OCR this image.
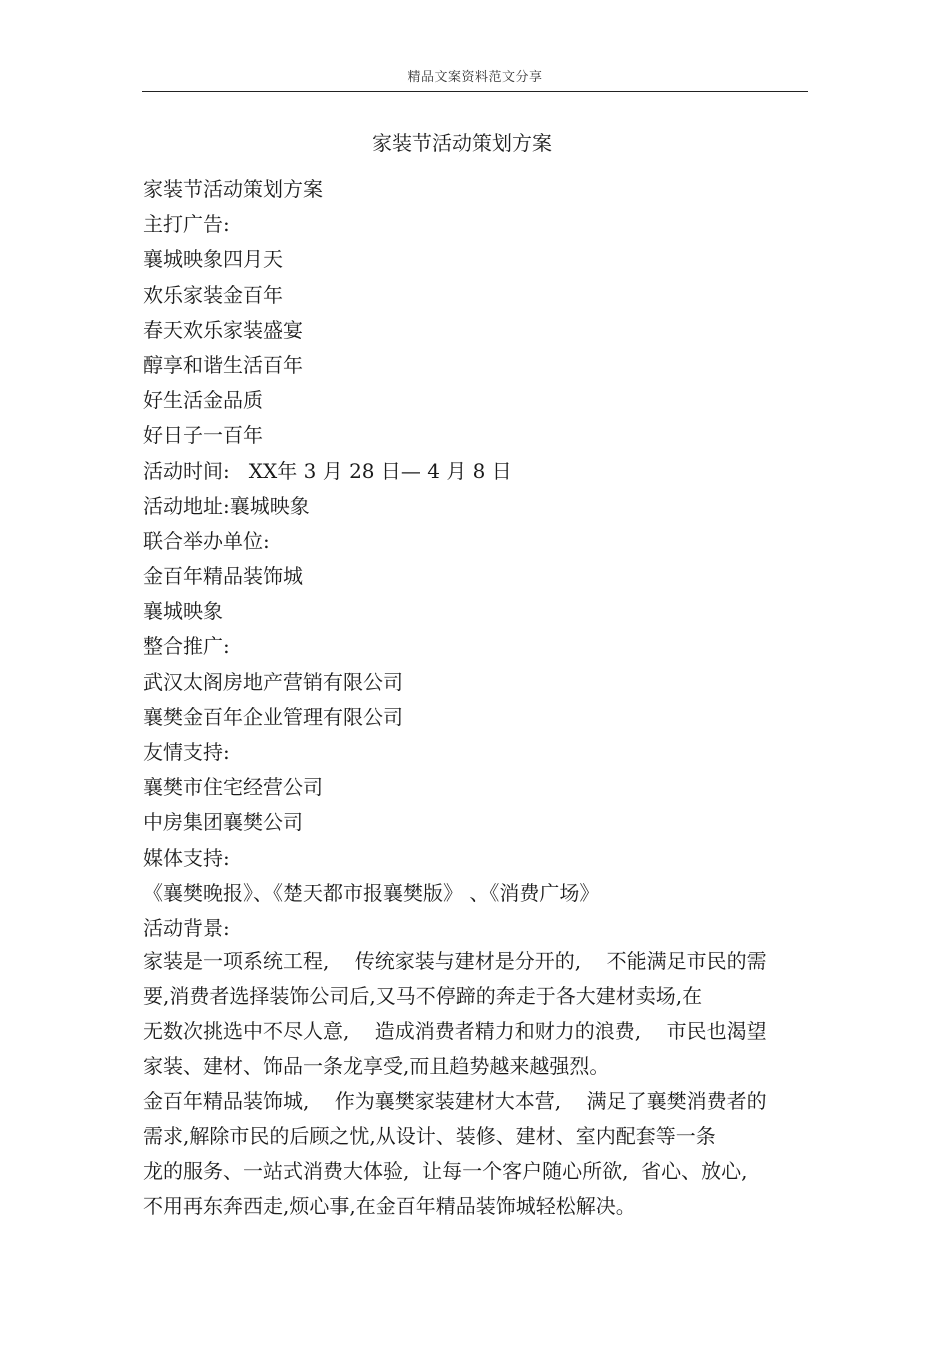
精品文案资料范文分享
家装节活动策划方案
家装节活动策划方案
主打广告:
襄城映象四月天
欢乐家装金百年
春天欢乐家装盛宴
醇享和谐生活百年
好生活金品质
好日子一百年
活动时间:   XX年 3 月 28 日— 4 月 8 日
活动地址:襄城映象
联合举办单位:
金百年精品装饰城
襄城映象
整合推广:
武汉太阁房地产营销有限公司
襄樊金百年企业管理有限公司
友情支持:
襄樊市住宅经营公司
中房集团襄樊公司
媒体支持:
《襄樊晚报》、《楚天都市报襄樊版》 、《消费广场》
活动背景:
家装是一项系统工程,    传统家装与建材是分开的,    不能满足市民的需
要,消费者选择装饰公司后,又马不停蹄的奔走于各大建材卖场,在
无数次挑选中不尽人意,    造成消费者精力和财力的浪费,    市民也渴望
家装、建材、饰品一条龙享受,而且趋势越来越强烈。
金百年精品装饰城,    作为襄樊家装建材大本营,    满足了襄樊消费者的
需求,解除市民的后顾之忧,从设计、装修、建材、室内配套等一条
龙的服务、一站式消费大体验,  让每一个客户随心所欲,  省心、放心,
不用再东奔西走,烦心事,在金百年精品装饰城轻松解决。
